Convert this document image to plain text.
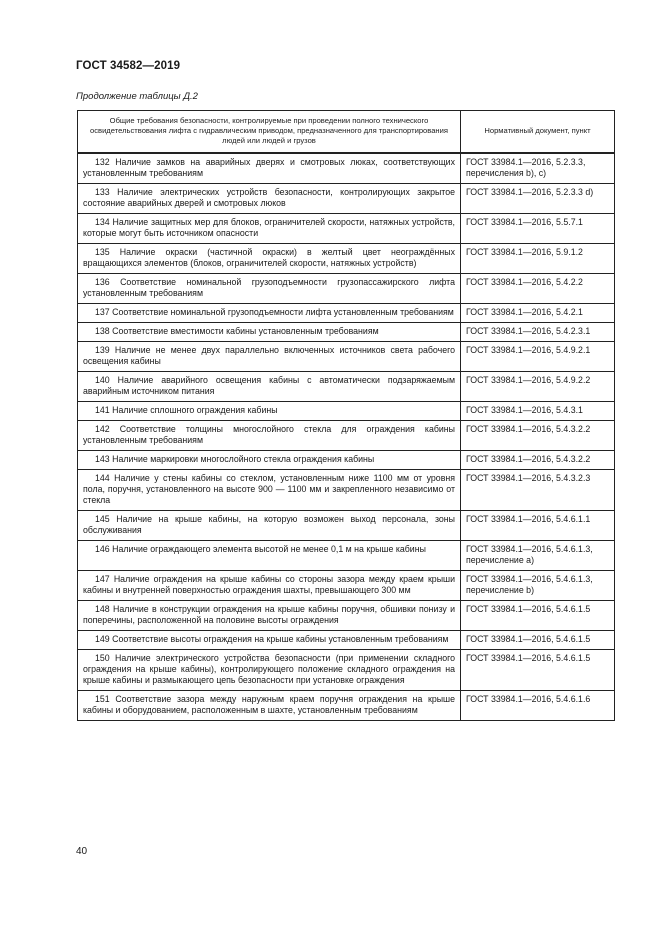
ГОСТ 34582—2019
Продолжение таблицы Д.2
Общие требования безопасности, контролируемые при проведении полного технического освидетельствования лифта с гидравлическим приводом, предназначенного для транспортирования людей или людей и грузов	Нормативный документ, пункт
132 Наличие замков на аварийных дверях и смотровых люках, соответствующих установленным требованиям	ГОСТ 33984.1—2016, 5.2.3.3, перечисления b), c)
133 Наличие электрических устройств безопасности, контролирующих закрытое состояние аварийных дверей и смотровых люков	ГОСТ 33984.1—2016, 5.2.3.3 d)
134 Наличие защитных мер для блоков, ограничителей скорости, натяжных устройств, которые могут быть источником опасности	ГОСТ 33984.1—2016, 5.5.7.1
135 Наличие окраски (частичной окраски) в желтый цвет неограждённых вращающихся элементов (блоков, ограничителей скорости, натяжных устройств)	ГОСТ 33984.1—2016, 5.9.1.2
136 Соответствие номинальной грузоподъемности грузопассажирского лифта установленным требованиям	ГОСТ 33984.1—2016, 5.4.2.2
137 Соответствие номинальной грузоподъемности лифта установленным требованиям	ГОСТ 33984.1—2016, 5.4.2.1
138 Соответствие вместимости кабины установленным требованиям	ГОСТ 33984.1—2016, 5.4.2.3.1
139 Наличие не менее двух параллельно включенных источников света рабочего освещения кабины	ГОСТ 33984.1—2016, 5.4.9.2.1
140 Наличие аварийного освещения кабины с автоматически подзаряжаемым аварийным источником питания	ГОСТ 33984.1—2016, 5.4.9.2.2
141 Наличие сплошного ограждения кабины	ГОСТ 33984.1—2016, 5.4.3.1
142 Соответствие толщины многослойного стекла для ограждения кабины установленным требованиям	ГОСТ 33984.1—2016, 5.4.3.2.2
143 Наличие маркировки многослойного стекла ограждения кабины	ГОСТ 33984.1—2016, 5.4.3.2.2
144 Наличие у стены кабины со стеклом, установленным ниже 1100 мм от уровня пола, поручня, установленного на высоте 900 — 1100 мм и закрепленного независимо от стекла	ГОСТ 33984.1—2016, 5.4.3.2.3
145 Наличие на крыше кабины, на которую возможен выход персонала, зоны обслуживания	ГОСТ 33984.1—2016, 5.4.6.1.1
146 Наличие ограждающего элемента высотой не менее 0,1 м на крыше кабины	ГОСТ 33984.1—2016, 5.4.6.1.3, перечисление а)
147 Наличие ограждения на крыше кабины со стороны зазора между краем крыши кабины и внутренней поверхностью ограждения шахты, превышающего 300 мм	ГОСТ 33984.1—2016, 5.4.6.1.3, перечисление b)
148 Наличие в конструкции ограждения на крыше кабины поручня, обшивки понизу и поперечины, расположенной на половине высоты ограждения	ГОСТ 33984.1—2016, 5.4.6.1.5
149 Соответствие высоты ограждения на крыше кабины установленным требованиям	ГОСТ 33984.1—2016, 5.4.6.1.5
150 Наличие электрического устройства безопасности (при применении складного ограждения на крыше кабины), контролирующего положение складного ограждения на крыше кабины и размыкающего цепь безопасности при установке ограждения	ГОСТ 33984.1—2016, 5.4.6.1.5
151 Соответствие зазора между наружным краем поручня ограждения на крыше кабины и оборудованием, расположенным в шахте, установленным требованиям	ГОСТ 33984.1—2016, 5.4.6.1.6
40
